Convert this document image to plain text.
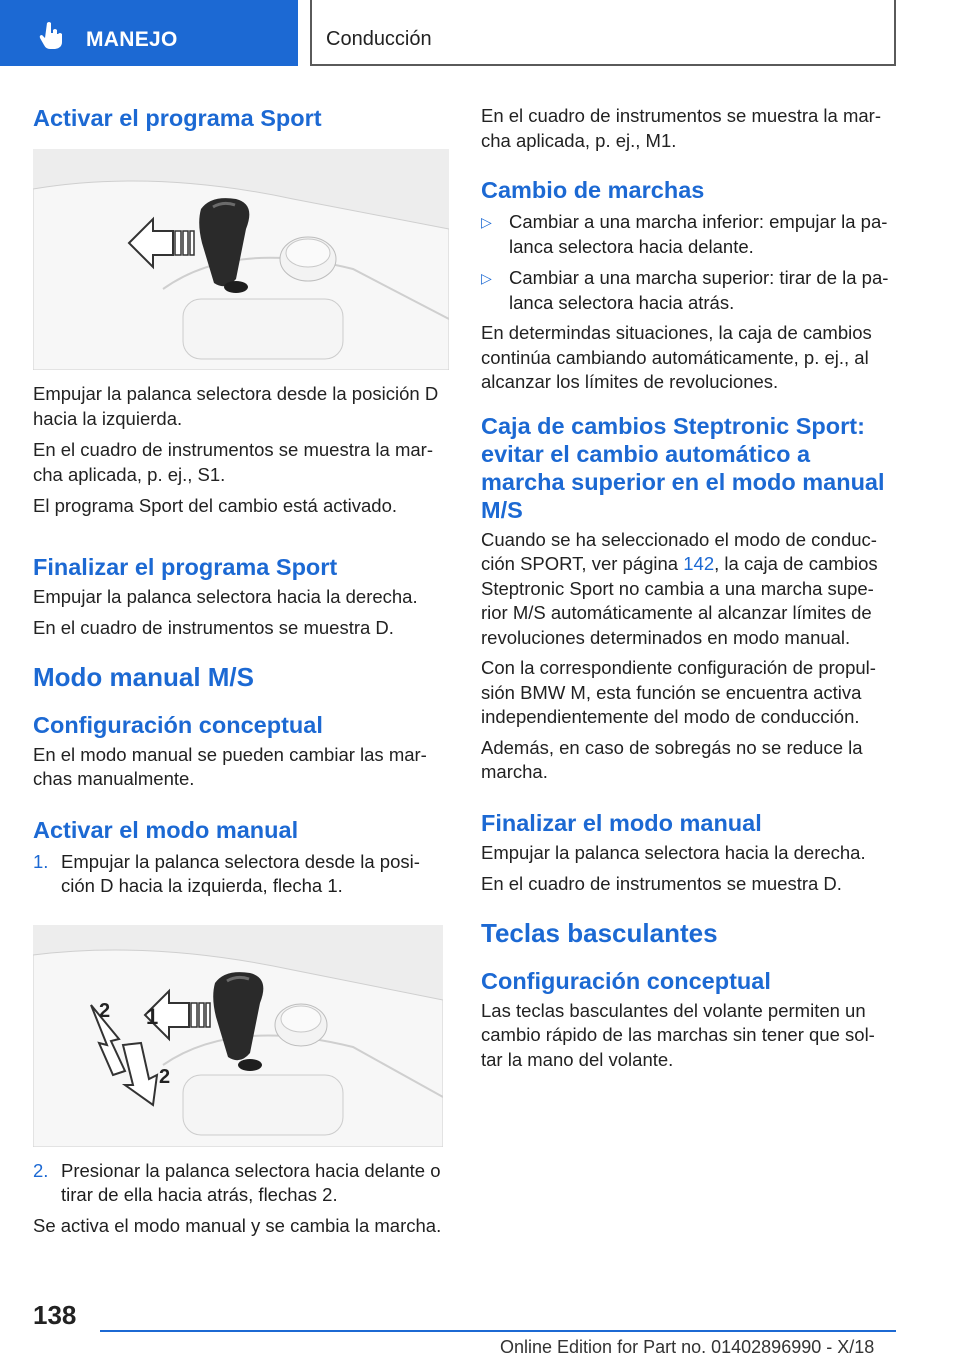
MANEJO	Conducción
Activar el programa Sport

Empujar la palanca selectora desde la posición D hacia la izquierda.

En el cuadro de instrumentos se muestra la mar‐cha aplicada, p. ej., S1.

El programa Sport del cambio está activado.

Finalizar el programa Sport

Empujar la palanca selectora hacia la derecha.

En el cuadro de instrumentos se muestra D.

Modo manual M/S
Configuración conceptual

En el modo manual se pueden cambiar las mar‐chas manualmente.

Activar el modo manual
1. Empujar la palanca selectora desde la posi‐ción D hacia la izquierda, flecha 1.
1
2
2
2. Presionar la palanca selectora hacia delante o tirar de ella hacia atrás, flechas 2.

Se activa el modo manual y se cambia la marcha.

En el cuadro de instrumentos se muestra la mar‐cha aplicada, p. ej., M1.

Cambio de marchas
▷ Cambiar a una marcha inferior: empujar la pa‐lanca selectora hacia delante.
▷ Cambiar a una marcha superior: tirar de la pa‐lanca selectora hacia atrás.

En determindas situaciones, la caja de cambios continúa cambiando automáticamente, p. ej., al alcanzar los límites de revoluciones.

Caja de cambios Steptronic Sport: evitar el cambio automático a marcha superior en el modo manual M/S

Cuando se ha seleccionado el modo de conduc‐ción SPORT, ver página 142, la caja de cambios Steptronic Sport no cambia a una marcha supe‐rior M/S automáticamente al alcanzar límites de revoluciones determinados en modo manual.

Con la correspondiente configuración de propul‐sión BMW M, esta función se encuentra activa independientemente del modo de conducción.

Además, en caso de sobregás no se reduce la marcha.

Finalizar el modo manual

Empujar la palanca selectora hacia la derecha.

En el cuadro de instrumentos se muestra D.

Teclas basculantes
Configuración conceptual

Las teclas basculantes del volante permiten un cambio rápido de las marchas sin tener que sol‐tar la mano del volante.

138
Online Edition for Part no. 01402896990 - X/18
